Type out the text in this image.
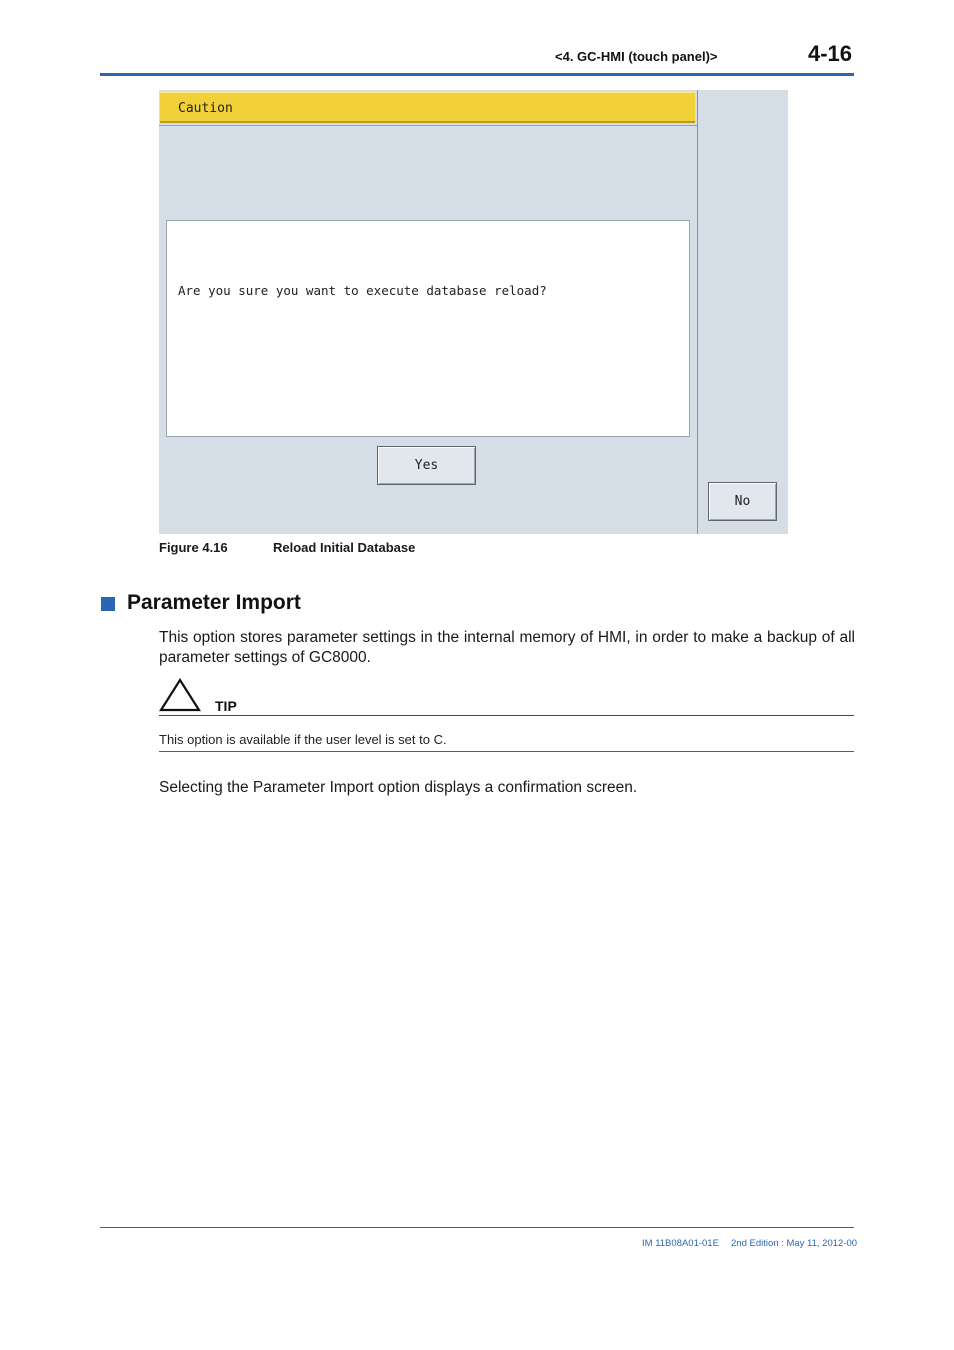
<4. GC-HMI (touch panel)>	4-16
Caution
Are you sure you want to execute database reload?
Yes
No
Figure 4.16	Reload Initial Database
Parameter Import
This option stores parameter settings in the internal memory of HMI, in order to make a backup of all parameter settings of GC8000.
TIP
This option is available if the user level is set to C.
Selecting the Parameter Import option displays a confirmation screen.
IM 11B08A01-01E 2nd Edition : May 11, 2012-00
